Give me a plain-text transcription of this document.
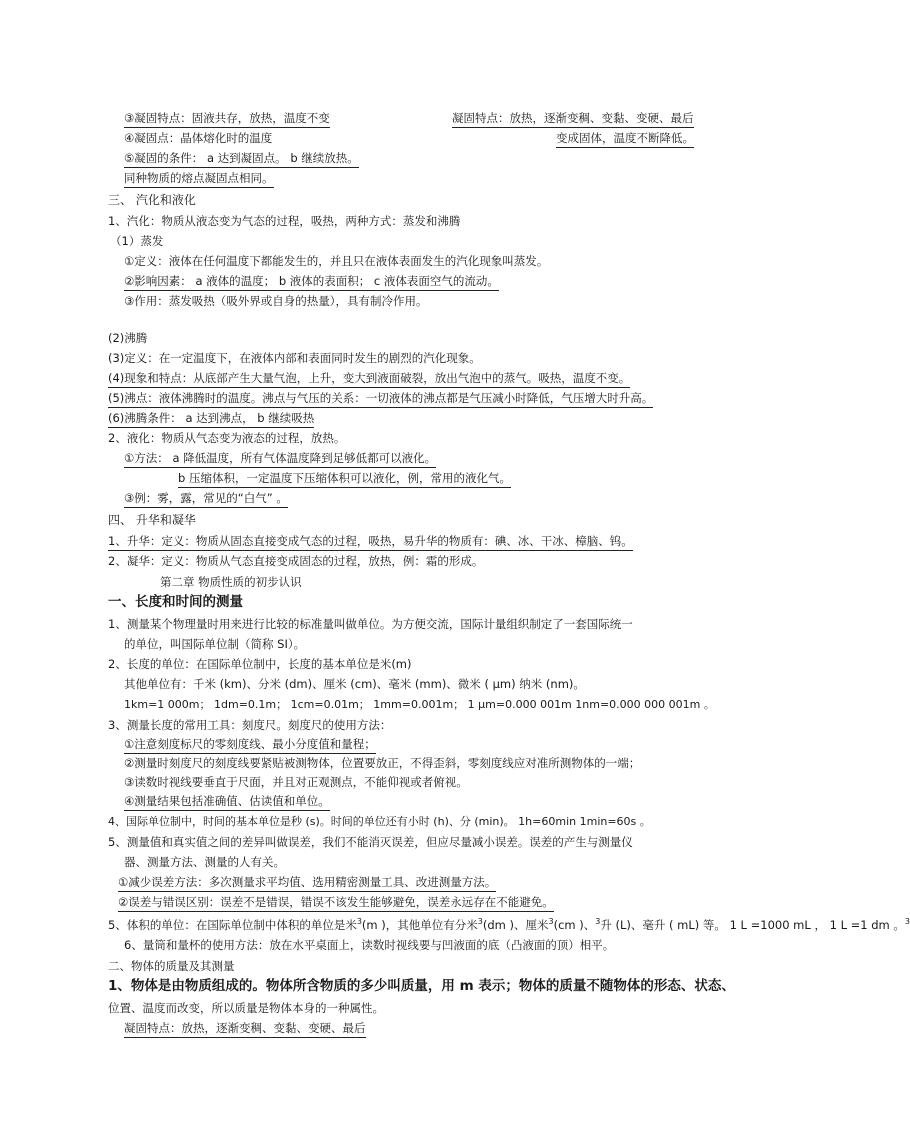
③凝固特点：固液共存，放热，温度不变	凝固特点：放热，逐渐变稠、变黏、变硬、最后
④凝固点：晶体熔化时的温度	变成固体，温度不断降低。
⑤凝固的条件： a 达到凝固点。 b 继续放热。
同种物质的熔点凝固点相同。
三、 汽化和液化
1、汽化：物质从液态变为气态的过程，吸热，两种方式：蒸发和沸腾
（1）蒸发
①定义：液体在任何温度下都能发生的，并且只在液体表面发生的汽化现象叫蒸发。
②影响因素： a 液体的温度； b 液体的表面积； c 液体表面空气的流动。
③作用：蒸发吸热（吸外界或自身的热量），具有制冷作用。
(2)沸腾
(3)定义：在一定温度下，在液体内部和表面同时发生的剧烈的汽化现象。
(4)现象和特点：从底部产生大量气泡，上升，变大到液面破裂，放出气泡中的蒸气。吸热，温度不变。
(5)沸点：液体沸腾时的温度。沸点与气压的关系：一切液体的沸点都是气压减小时降低，气压增大时升高。
(6)沸腾条件： a 达到沸点， b 继续吸热
2、液化：物质从气态变为液态的过程，放热。
①方法： a 降低温度，所有气体温度降到足够低都可以液化。
b 压缩体积，一定温度下压缩体积可以液化，例，常用的液化气。
③例：雾，露，常见的“白气” 。
四、 升华和凝华
1、升华：定义：物质从固态直接变成气态的过程，吸热，易升华的物质有：碘、冰、干冰、樟脑、钨。
2、凝华：定义：物质从气态直接变成固态的过程，放热，例：霜的形成。
第二章 物质性质的初步认识
一、长度和时间的测量
1、测量某个物理量时用来进行比较的标准量叫做单位。为方便交流，国际计量组织制定了一套国际统一
的单位，叫国际单位制（简称 SI）。
2、长度的单位：在国际单位制中，长度的基本单位是米(m)
其他单位有：千米 (km)、分米 (dm)、厘米 (cm)、毫米 (mm)、微米 ( μm) 纳米 (nm)。
1km=1 000m； 1dm=0.1m； 1cm=0.01m； 1mm=0.001m； 1 μm=0.000 001m 1nm=0.000 000 001m 。
3、测量长度的常用工具：刻度尺。刻度尺的使用方法：
①注意刻度标尺的零刻度线、最小分度值和量程；
②测量时刻度尺的刻度线要紧贴被测物体，位置要放正，不得歪斜，零刻度线应对准所测物体的一端；
③读数时视线要垂直于尺面，并且对正观测点，不能仰视或者俯视。
④测量结果包括准确值、估读值和单位。
4、国际单位制中，时间的基本单位是秒 (s)。时间的单位还有小时 (h)、分 (min)。 1h=60min 1min=60s 。
5、测量值和真实值之间的差异叫做误差，我们不能消灭误差，但应尽量减小误差。误差的产生与测量仪
器、测量方法、测量的人有关。
①减少误差方法：多次测量求平均值、选用精密测量工具、改进测量方法。
②误差与错误区别：误差不是错误，错误不该发生能够避免，误差永远存在不能避免。
5、体积的单位：在国际单位制中体积的单位是米$^3$(m )，其他单位有分米$^3$(dm )、厘米$^3$(cm )、$^3$升 (L)、毫升 ( mL) 等。 1 L =1000 mL ， 1 L =1 dm 。$^3$
6、量筒和量杯的使用方法：放在水平桌面上，读数时视线要与凹液面的底（凸液面的顶）相平。
二、物体的质量及其测量
1、物体是由物质组成的。物体所含物质的多少叫质量，用 m 表示；物体的质量不随物体的形态、状态、
位置、温度而改变，所以质量是物体本身的一种属性。
凝固特点：放热，逐渐变稠、变黏、变硬、最后
